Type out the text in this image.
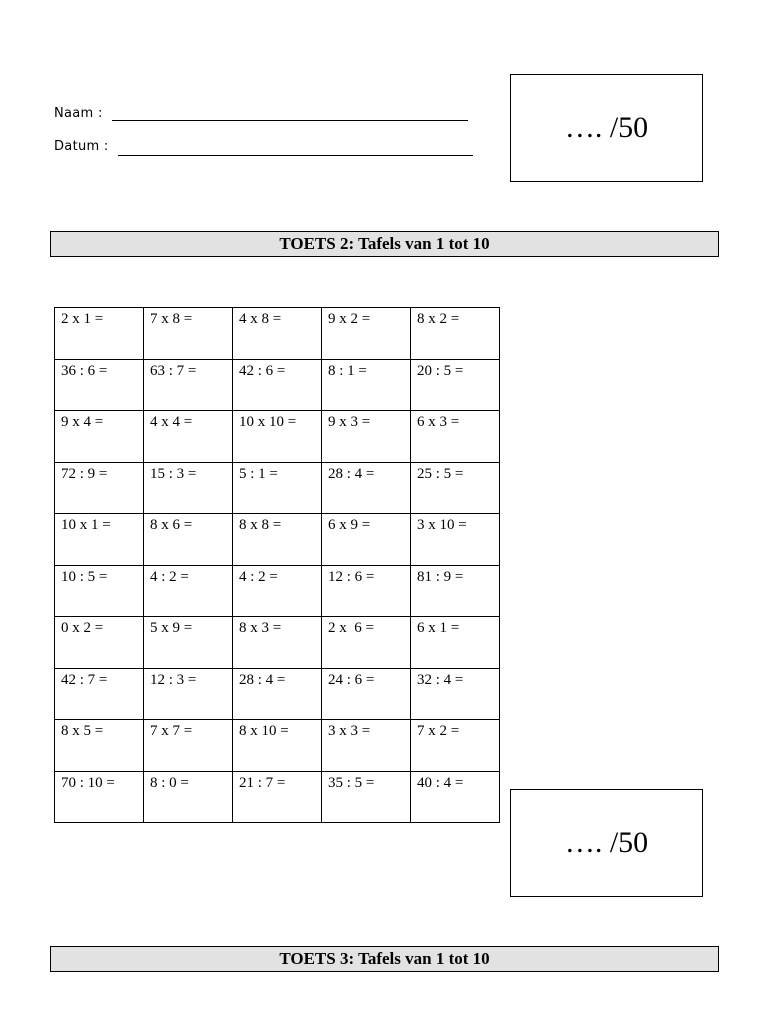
Naam :
Datum :
…. /50
TOETS 2: Tafels van 1 tot 10
2 x 1 =	7 x 8 =	4 x 8 =	9 x 2 =	8 x 2 =

36 : 6 =	63 : 7 =	42 : 6 =	8 : 1 =	20 : 5 =

9 x 4 =	4 x 4 =	10 x 10 =	9 x 3 =	6 x 3 =

72 : 9 =	15 : 3 =	5 : 1 =	28 : 4 =	25 : 5 =

10 x 1 =	8 x 6 =	8 x 8 =	6 x 9 =	3 x 10 =

10 : 5 =	4 : 2 =	4 : 2 =	12 : 6 =	81 : 9 =

0 x 2 =	5 x 9 =	8 x 3 =	2 x  6 =	6 x 1 =

42 : 7 =	12 : 3 =	28 : 4 =	24 : 6 =	32 : 4 =

8 x 5 =	7 x 7 =	8 x 10 =	3 x 3 =	7 x 2 =

70 : 10 =	8 : 0 =	21 : 7 =	35 : 5 =	40 : 4 =
…. /50
TOETS 3: Tafels van 1 tot 10
